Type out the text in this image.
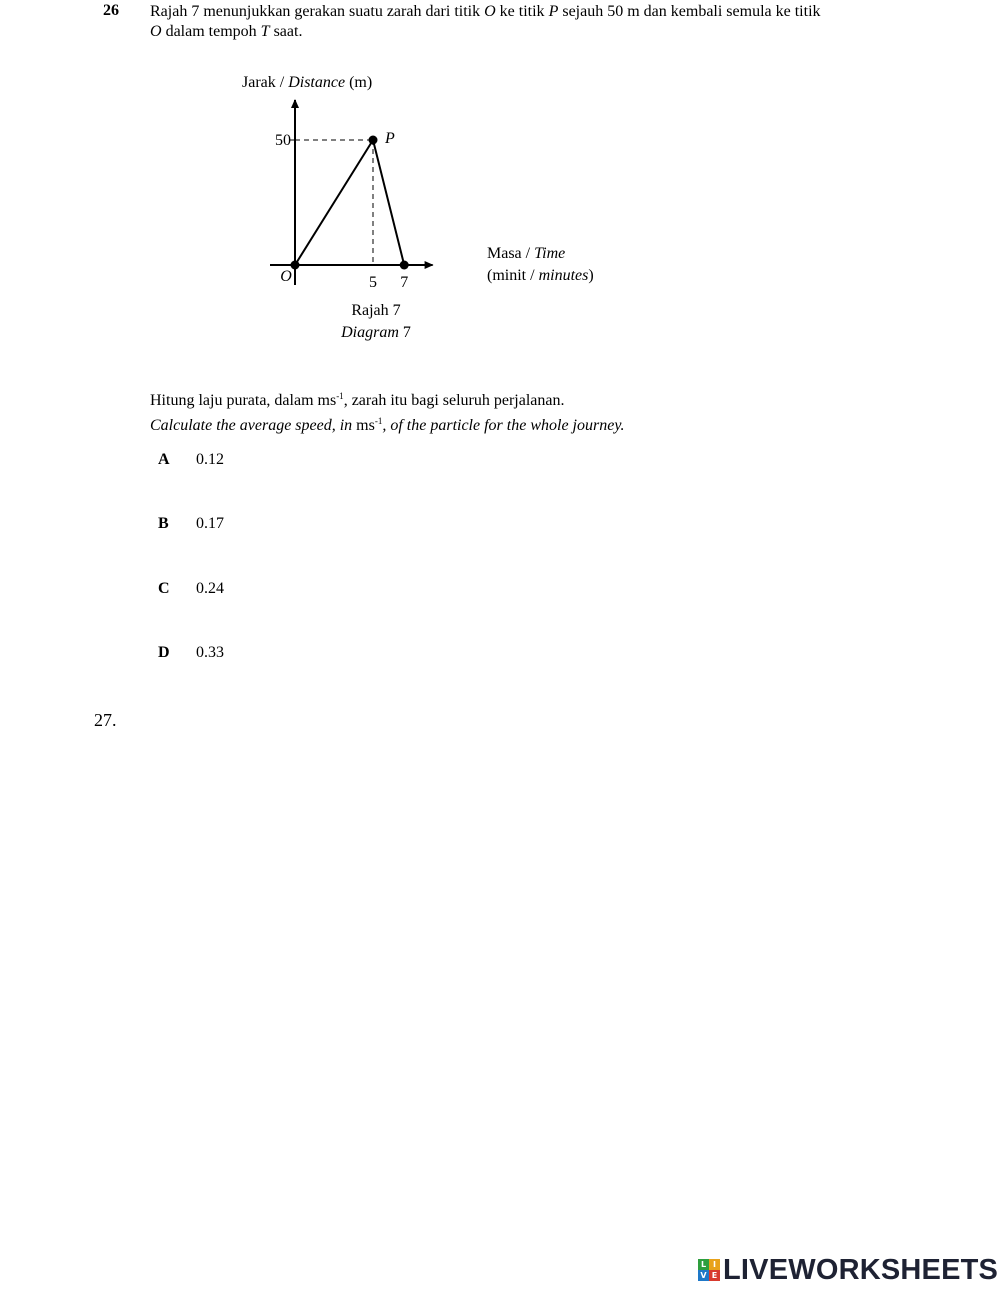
26 Rajah 7 menunjukkan gerakan suatu zarah dari titik O ke titik P sejauh 50 m dan kembali semula ke titik
O dalam tempoh T saat.
Jarak / Distance (m)
Masa / Time
(minit / minutes)
50
5 7
O
P
Rajah 7
Diagram 7
Hitung laju purata, dalam $ms^{-1}$, zarah itu bagi seluruh perjalanan.
Calculate the average speed, in $ms^{-1}$, of the particle for the whole journey.
A 0.12
B 0.17
C 0.24
D 0.33
27.
L I
V E LIVEWORKSHEETS
